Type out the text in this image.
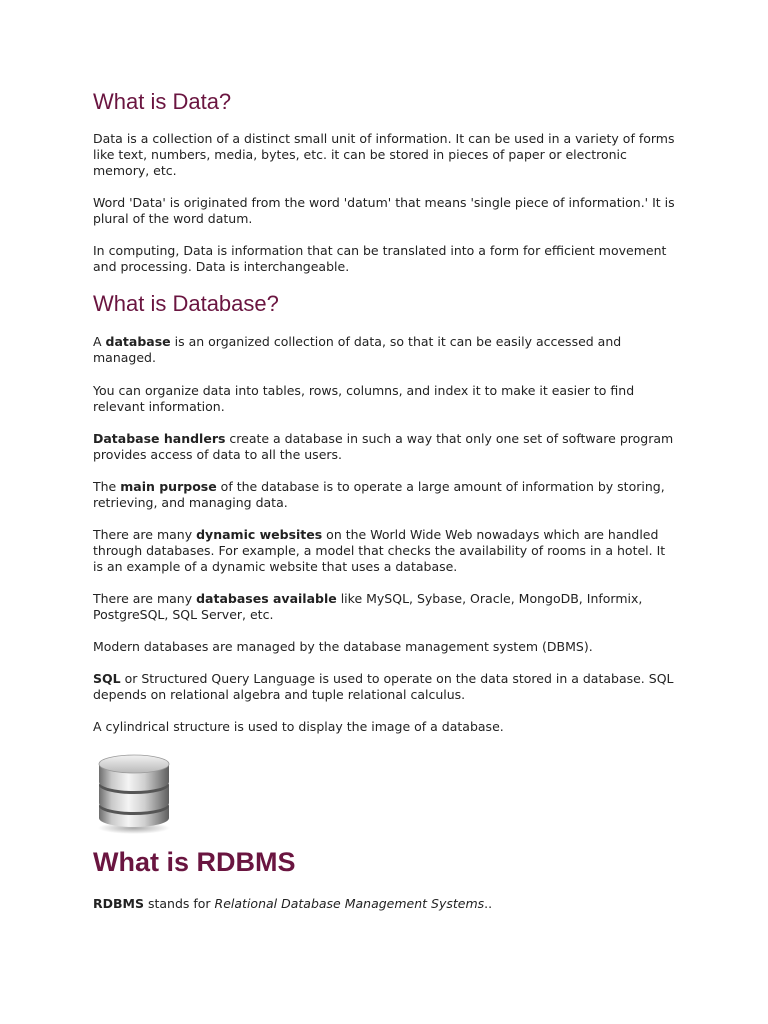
What is Data?

Data is a collection of a distinct small unit of information. It can be used in a variety of forms like text, numbers, media, bytes, etc. it can be stored in pieces of paper or electronic memory, etc.

Word 'Data' is originated from the word 'datum' that means 'single piece of information.' It is plural of the word datum.

In computing, Data is information that can be translated into a form for efficient movement and processing. Data is interchangeable.

What is Database?

A database is an organized collection of data, so that it can be easily accessed and managed.

You can organize data into tables, rows, columns, and index it to make it easier to find relevant information.

Database handlers create a database in such a way that only one set of software program provides access of data to all the users.

The main purpose of the database is to operate a large amount of information by storing, retrieving, and managing data.

There are many dynamic websites on the World Wide Web nowadays which are handled through databases. For example, a model that checks the availability of rooms in a hotel. It is an example of a dynamic website that uses a database.

There are many databases available like MySQL, Sybase, Oracle, MongoDB, Informix, PostgreSQL, SQL Server, etc.

Modern databases are managed by the database management system (DBMS).

SQL or Structured Query Language is used to operate on the data stored in a database. SQL depends on relational algebra and tuple relational calculus.

A cylindrical structure is used to display the image of a database.

What is RDBMS

RDBMS stands for Relational Database Management Systems..
